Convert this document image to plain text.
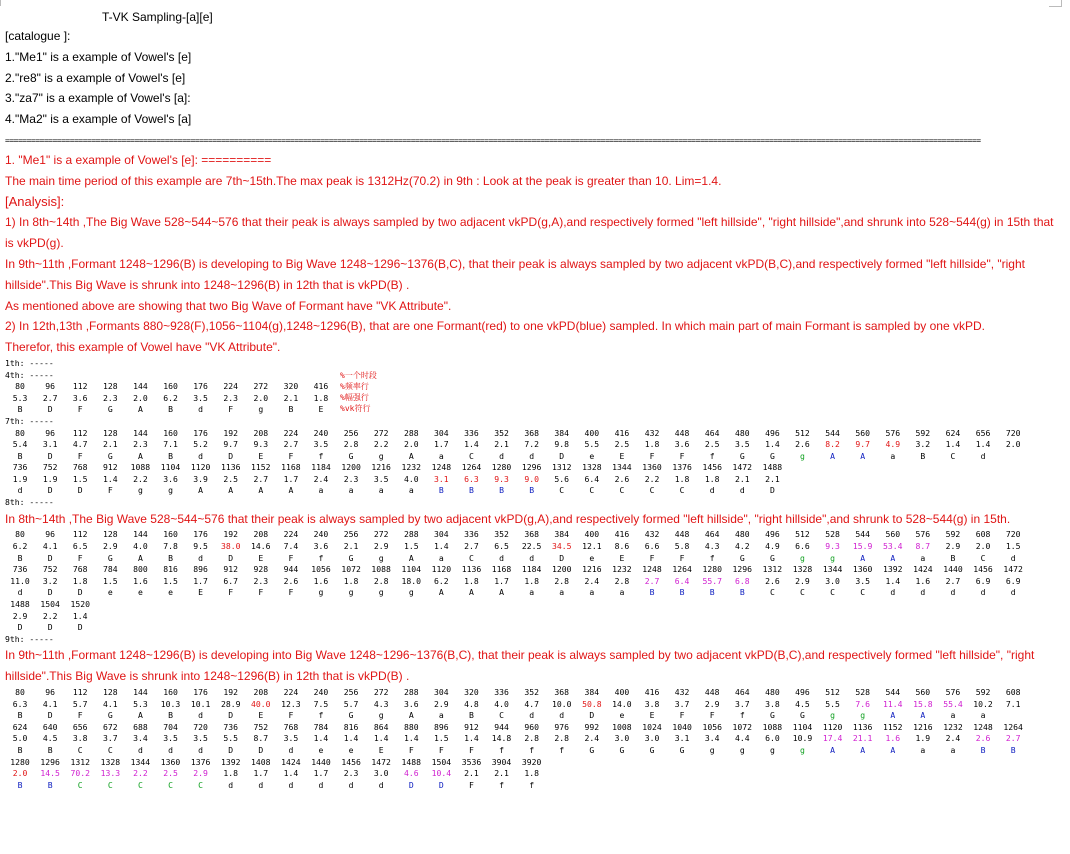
T-VK Sampling-[a][e]
[catalogue ]:
1."Me1" is a example of Vowel's [e]
2."re8" is a example of Vowel's [e]
3."za7" is a example of Vowel's [a]:
4."Ma2" is a example of Vowel's [a]
==================================================================================================================================================================================================================================
1. "Me1" is a example of Vowel's [e]: ==========
The main time period of this example are 7th~15th.The max peak is 1312Hz(70.2) in 9th : Look at the peak is greater than 10. Lim=1.4.
[Analysis]:
1) In 8th~14th ,The Big Wave 528~544~576 that their peak is always sampled by two adjacent vkPD(g,A),and respectively formed "left hillside", "right hillside",and shrunk into 528~544(g) in 15th that is vkPD(g).
In 9th~11th ,Formant 1248~1296(B) is developing to Big Wave 1248~1296~1376(B,C), that their peak is always sampled by two adjacent vkPD(B,C),and respectively formed "left hillside", "right hillside".This Big Wave is shrunk into 1248~1296(B) in 12th that is vkPD(B) .
As mentioned above are showing that two Big Wave of Formant have "VK Attribute".
2) In 12th,13th ,Formants 880~928(F),1056~1104(g),1248~1296(B), that are one Formant(red) to one vkPD(blue) sampled. In which main part of main Formant is sampled by one vkPD.
Therefor, this example of Vowel have "VK Attribute".
1th: -----
4th: -----
80	96	112	128	144	160	176	224	272	320	416
5.3	2.7	3.6	2.3	2.0	6.2	3.5	2.3	2.0	2.1	1.8
B	D	F	G	A	B	d	F	g	B	E
%一个时段
%频率行
%幅强行
%vk符行
7th: -----
80	96	112	128	144	160	176	192	208	224	240	256	272	288	304	336	352	368	384	400	416	432	448	464	480	496	512	544	560	576	592	624	656	720
5.4	3.1	4.7	2.1	2.3	7.1	5.2	9.7	9.3	2.7	3.5	2.8	2.2	2.0	1.7	1.4	2.1	7.2	9.8	5.5	2.5	1.8	3.6	2.5	3.5	1.4	2.6	8.2	9.7	4.9	3.2	1.4	1.4	2.0
B	D	F	G	A	B	d	D	E	F	f	G	g	A	a	C	d	d	D	e	E	F	F	f	G	G	g	A	A	a	B	C	d
736	752	768	912	1088	1104	1120	1136	1152	1168	1184	1200	1216	1232	1248	1264	1280	1296	1312	1328	1344	1360	1376	1456	1472	1488
1.9	1.9	1.5	1.4	2.2	3.6	3.9	2.5	2.7	1.7	2.4	2.3	3.5	4.0	3.1	6.3	9.3	9.0	5.6	6.4	2.6	2.2	1.8	1.8	2.1	2.1
d	D	D	F	g	g	A	A	A	A	a	a	a	a	B	B	B	B	C	C	C	C	C	d	d	D
8th: -----
In 8th~14th ,The Big Wave 528~544~576 that their peak is always sampled by two adjacent vkPD(g,A),and respectively formed "left hillside", "right hillside",and shrunk to 528~544(g) in 15th.
80	96	112	128	144	160	176	192	208	224	240	256	272	288	304	336	352	368	384	400	416	432	448	464	480	496	512	528	544	560	576	592	608	720
6.2	4.1	6.5	2.9	4.0	7.8	9.5	38.0	14.6	7.4	3.6	2.1	2.9	1.5	1.4	2.7	6.5	22.5	34.5	12.1	8.6	6.6	5.8	4.3	4.2	4.9	6.6	9.3	15.9	53.4	8.7	2.9	2.0	1.5
B	D	F	G	A	B	d	D	E	F	f	G	g	A	a	C	d	d	D	e	E	F	F	f	G	G	g	g	A	A	a	B	C	d
736	752	768	784	800	816	896	912	928	944	1056	1072	1088	1104	1120	1136	1168	1184	1200	1216	1232	1248	1264	1280	1296	1312	1328	1344	1360	1392	1424	1440	1456	1472
11.0	3.2	1.8	1.5	1.6	1.5	1.7	6.7	2.3	2.6	1.6	1.8	2.8	18.0	6.2	1.8	1.7	1.8	2.8	2.4	2.8	2.7	6.4	55.7	6.8	2.6	2.9	3.0	3.5	1.4	1.6	2.7	6.9	6.9
d	D	D	e	e	e	E	F	F	F	g	g	g	g	A	A	A	a	a	a	a	B	B	B	B	C	C	C	C	d	d	d	d	d
1488	1504	1520
2.9	2.2	1.4
D	D	D
9th: -----
In 9th~11th ,Formant 1248~1296(B) is developing into Big Wave 1248~1296~1376(B,C), that their peak is always sampled by two adjacent vkPD(B,C),and respectively formed "left hillside", "right hillside".This Big Wave is shrunk into 1248~1296(B) in 12th that is vkPD(B) .
80	96	112	128	144	160	176	192	208	224	240	256	272	288	304	320	336	352	368	384	400	416	432	448	464	480	496	512	528	544	560	576	592	608
6.3	4.1	5.7	4.1	5.3	10.3	10.1	28.9	40.0	12.3	7.5	5.7	4.3	3.6	2.9	4.8	4.0	4.7	10.0	50.8	14.0	3.8	3.7	2.9	3.7	3.8	4.5	5.5	7.6	11.4	15.8	55.4	10.2	7.1
B	D	F	G	A	B	d	D	E	F	f	G	g	A	a	B	C	d	d	D	e	E	F	F	f	G	G	g	g	A	A	a	a
624	640	656	672	688	704	720	736	752	768	784	816	864	880	896	912	944	960	976	992	1008	1024	1040	1056	1072	1088	1104	1120	1136	1152	1216	1232	1248	1264
5.0	4.5	3.8	3.7	3.4	3.5	3.5	5.5	8.7	3.5	1.4	1.4	1.4	1.4	1.5	1.4	14.8	2.8	2.8	2.4	3.0	3.0	3.1	3.4	4.4	6.0	10.9	17.4	21.1	1.6	1.9	2.4	2.6	2.7
B	B	C	C	d	d	d	D	D	d	e	e	E	F	F	F	f	f	f	G	G	G	G	g	g	g	g	A	A	A	a	a	B	B
1280	1296	1312	1328	1344	1360	1376	1392	1408	1424	1440	1456	1472	1488	1504	3536	3904	3920
2.0	14.5	70.2	13.3	2.2	2.5	2.9	1.8	1.7	1.4	1.7	2.3	3.0	4.6	10.4	2.1	2.1	1.8
B	B	C	C	C	C	C	d	d	d	d	d	d	D	D	F	f	f
